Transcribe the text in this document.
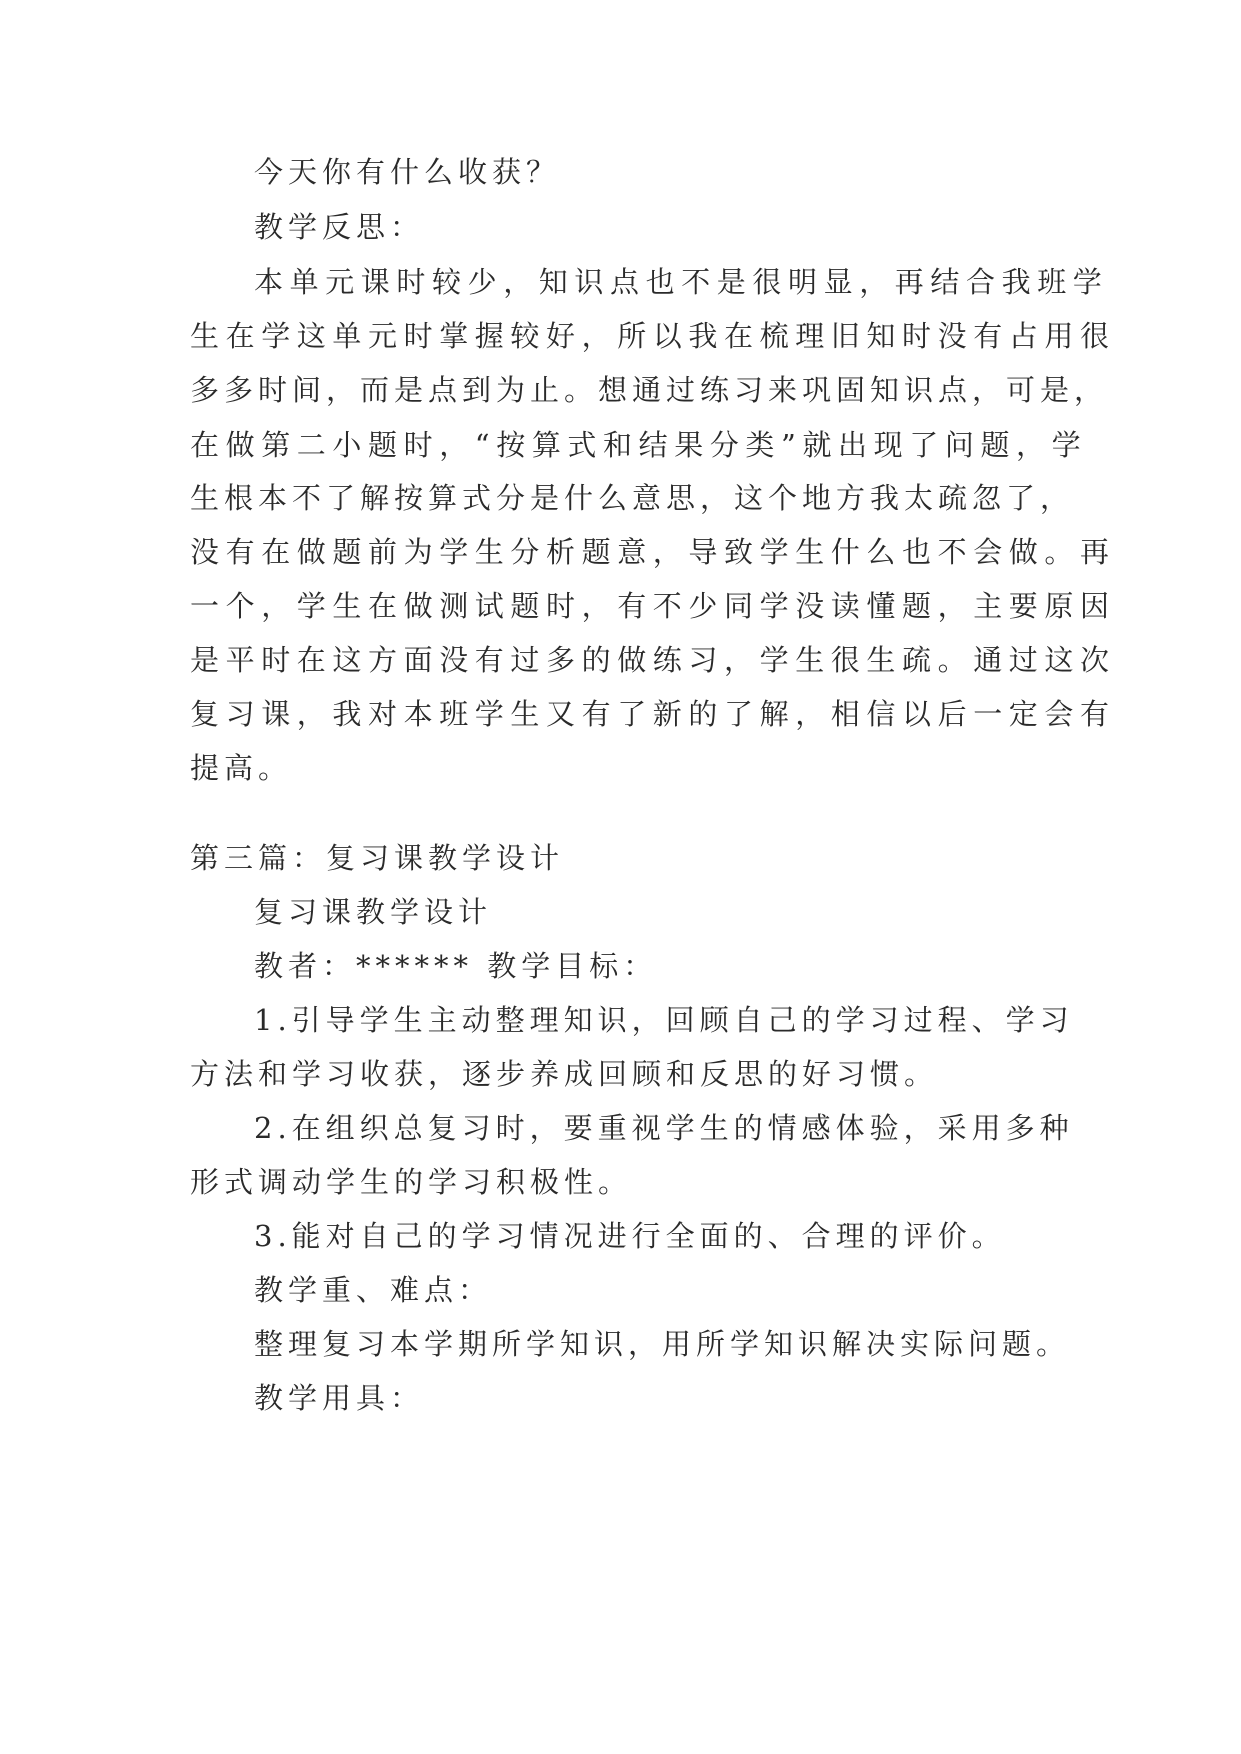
今天你有什么收获？
教学反思：
本单元课时较少，知识点也不是很明显，再结合我班学
生在学这单元时掌握较好，所以我在梳理旧知时没有占用很
多多时间，而是点到为止。想通过练习来巩固知识点，可是，
在做第二小题时，“按算式和结果分类”就出现了问题，学
生根本不了解按算式分是什么意思，这个地方我太疏忽了，
没有在做题前为学生分析题意，导致学生什么也不会做。再
一个，学生在做测试题时，有不少同学没读懂题，主要原因
是平时在这方面没有过多的做练习，学生很生疏。通过这次
复习课，我对本班学生又有了新的了解，相信以后一定会有
提高。
第三篇：复习课教学设计
复习课教学设计
教者：****** 教学目标：
1.引导学生主动整理知识，回顾自己的学习过程、学习
方法和学习收获，逐步养成回顾和反思的好习惯。
2.在组织总复习时，要重视学生的情感体验，采用多种
形式调动学生的学习积极性。
3.能对自己的学习情况进行全面的、合理的评价。
教学重、难点：
整理复习本学期所学知识，用所学知识解决实际问题。
教学用具：
